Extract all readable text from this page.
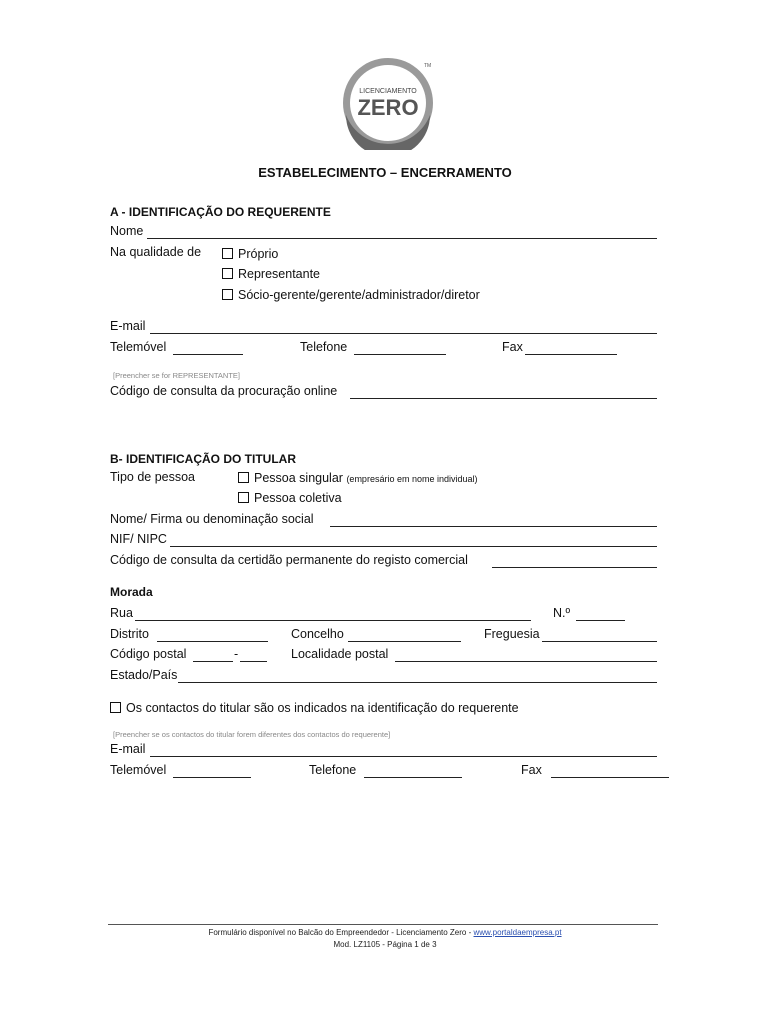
TM
LICENCIAMENTO
ZERO
ESTABELECIMENTO – ENCERRAMENTO
A - IDENTIFICAÇÃO DO REQUERENTE
Nome
Na qualidade de	Próprio
Representante
Sócio-gerente/gerente/administrador/diretor
E-mail
Telemóvel	Telefone	Fax
[Preencher se for REPRESENTANTE]
Código de consulta da procuração online
B- IDENTIFICAÇÃO DO TITULAR
Tipo de pessoa	Pessoa singular (empresário em nome individual)
Pessoa coletiva
Nome/ Firma ou denominação social
NIF/ NIPC
Código de consulta da certidão permanente do registo comercial
Morada
Rua	N.º
Distrito	Concelho	Freguesia
Código postal	-	Localidade postal
Estado/País
Os contactos do titular são os indicados na identificação do requerente
[Preencher se os contactos do titular forem diferentes dos contactos do requerente]
E-mail
Telemóvel	Telefone	Fax
Formulário disponível no Balcão do Empreendedor - Licenciamento Zero - www.portaldaempresa.pt
Mod. LZ1105 - Página 1 de 3
